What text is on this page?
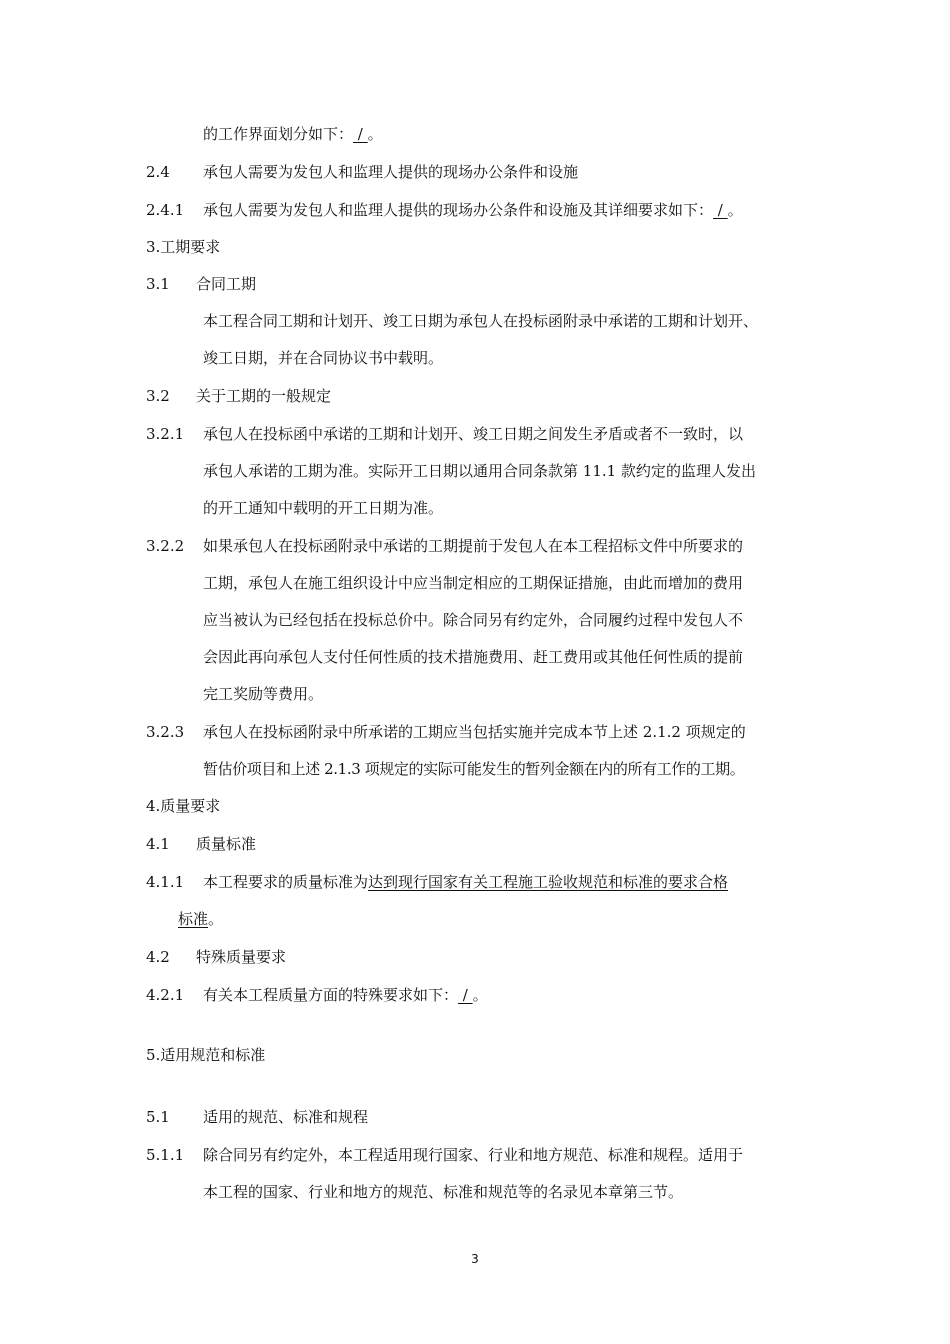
的工作界面划分如下： / 。
2.4 承包人需要为发包人和监理人提供的现场办公条件和设施
2.4.1 承包人需要为发包人和监理人提供的现场办公条件和设施及其详细要求如下： / 。
3.工期要求
3.1 合同工期
本工程合同工期和计划开、竣工日期为承包人在投标函附录中承诺的工期和计划开、
竣工日期，并在合同协议书中载明。
3.2 关于工期的一般规定
3.2.1 承包人在投标函中承诺的工期和计划开、竣工日期之间发生矛盾或者不一致时，以
承包人承诺的工期为准。实际开工日期以通用合同条款第 11.1 款约定的监理人发出
的开工通知中载明的开工日期为准。
3.2.2 如果承包人在投标函附录中承诺的工期提前于发包人在本工程招标文件中所要求的
工期，承包人在施工组织设计中应当制定相应的工期保证措施，由此而增加的费用
应当被认为已经包括在投标总价中。除合同另有约定外，合同履约过程中发包人不
会因此再向承包人支付任何性质的技术措施费用、赶工费用或其他任何性质的提前
完工奖励等费用。
3.2.3 承包人在投标函附录中所承诺的工期应当包括实施并完成本节上述 2.1.2 项规定的
暂估价项目和上述 2.1.3 项规定的实际可能发生的暂列金额在内的所有工作的工期。
4.质量要求
4.1 质量标准
4.1.1 本工程要求的质量标准为达到现行国家有关工程施工验收规范和标准的要求合格
标准。
4.2 特殊质量要求
4.2.1 有关本工程质量方面的特殊要求如下： / 。
5.适用规范和标准
5.1 适用的规范、标准和规程
5.1.1 除合同另有约定外，本工程适用现行国家、行业和地方规范、标准和规程。适用于
本工程的国家、行业和地方的规范、标准和规范等的名录见本章第三节。
3
